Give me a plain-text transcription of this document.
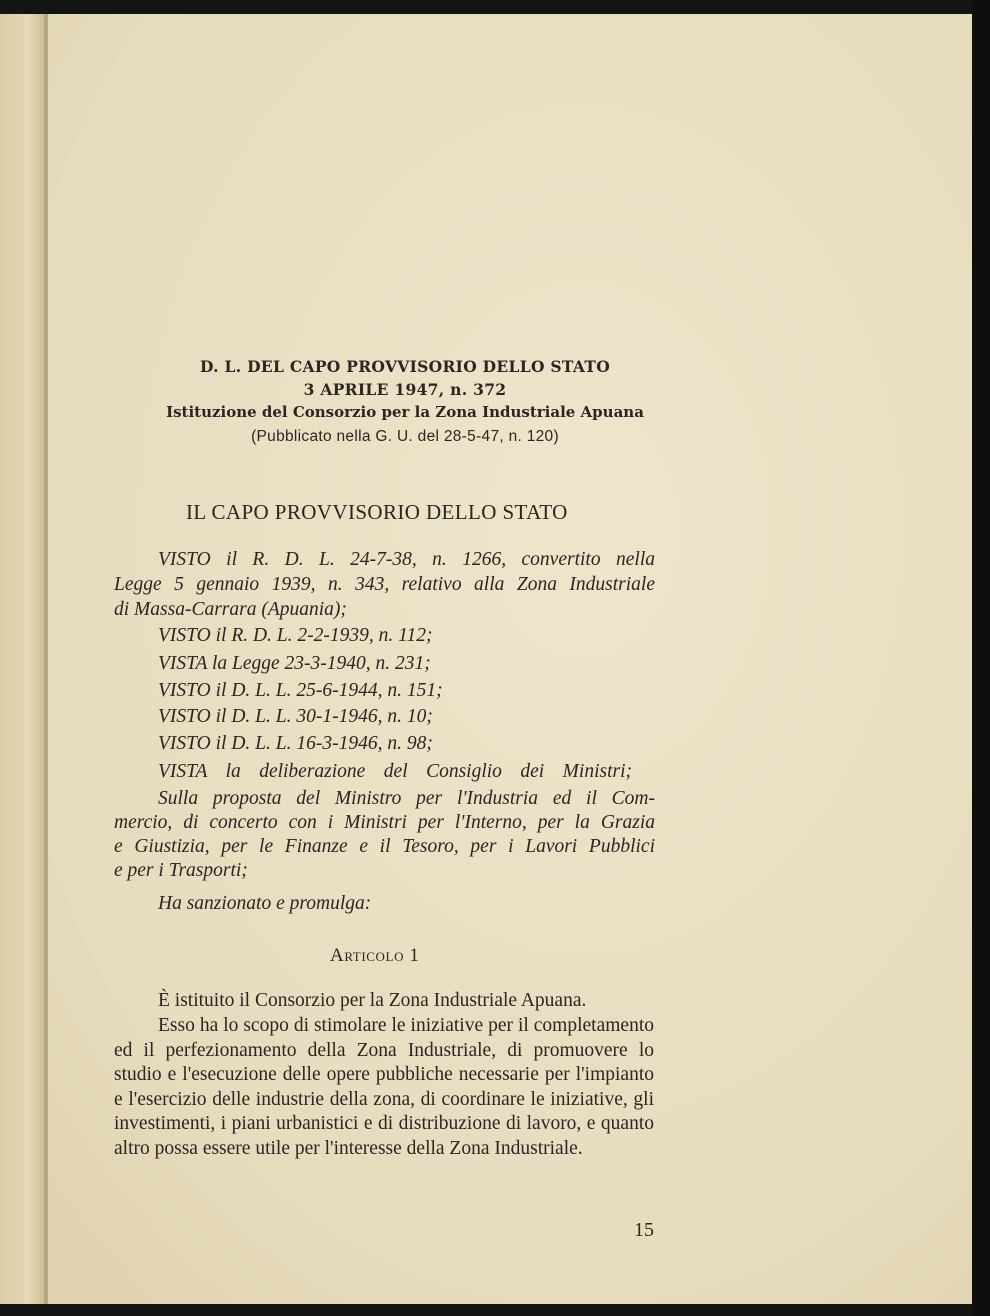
D. L. DEL CAPO PROVVISORIO DELLO STATO
3 APRILE 1947, n. 372
Istituzione del Consorzio per la Zona Industriale Apuana
(Pubblicato nella G. U. del 28-5-47, n. 120)
IL CAPO PROVVISORIO DELLO STATO
VISTO il R. D. L. 24-7-38, n. 1266, convertito nella
Legge 5 gennaio 1939, n. 343, relativo alla Zona Industriale
di Massa-Carrara (Apuania);
VISTO il R. D. L. 2-2-1939, n. 112;
VISTA la Legge 23-3-1940, n. 231;
VISTO il D. L. L. 25-6-1944, n. 151;
VISTO il D. L. L. 30-1-1946, n. 10;
VISTO il D. L. L. 16-3-1946, n. 98;
VISTA la deliberazione del Consiglio dei Ministri;
Sulla proposta del Ministro per l'Industria ed il Com-
mercio, di concerto con i Ministri per l'Interno, per la Grazia
e Giustizia, per le Finanze e il Tesoro, per i Lavori Pubblici
e per i Trasporti;
Ha sanzionato e promulga:
Articolo 1
È istituito il Consorzio per la Zona Industriale Apuana.
Esso ha lo scopo di stimolare le iniziative per il completamento ed il perfezionamento della Zona Industriale, di promuovere lo studio e l'esecuzione delle opere pubbliche necessarie per l'impianto e l'esercizio delle industrie della zona, di coordinare le iniziative, gli investimenti, i piani urbanistici e di distribuzione di lavoro, e quanto altro possa essere utile per l'interesse della Zona Industriale.
15
